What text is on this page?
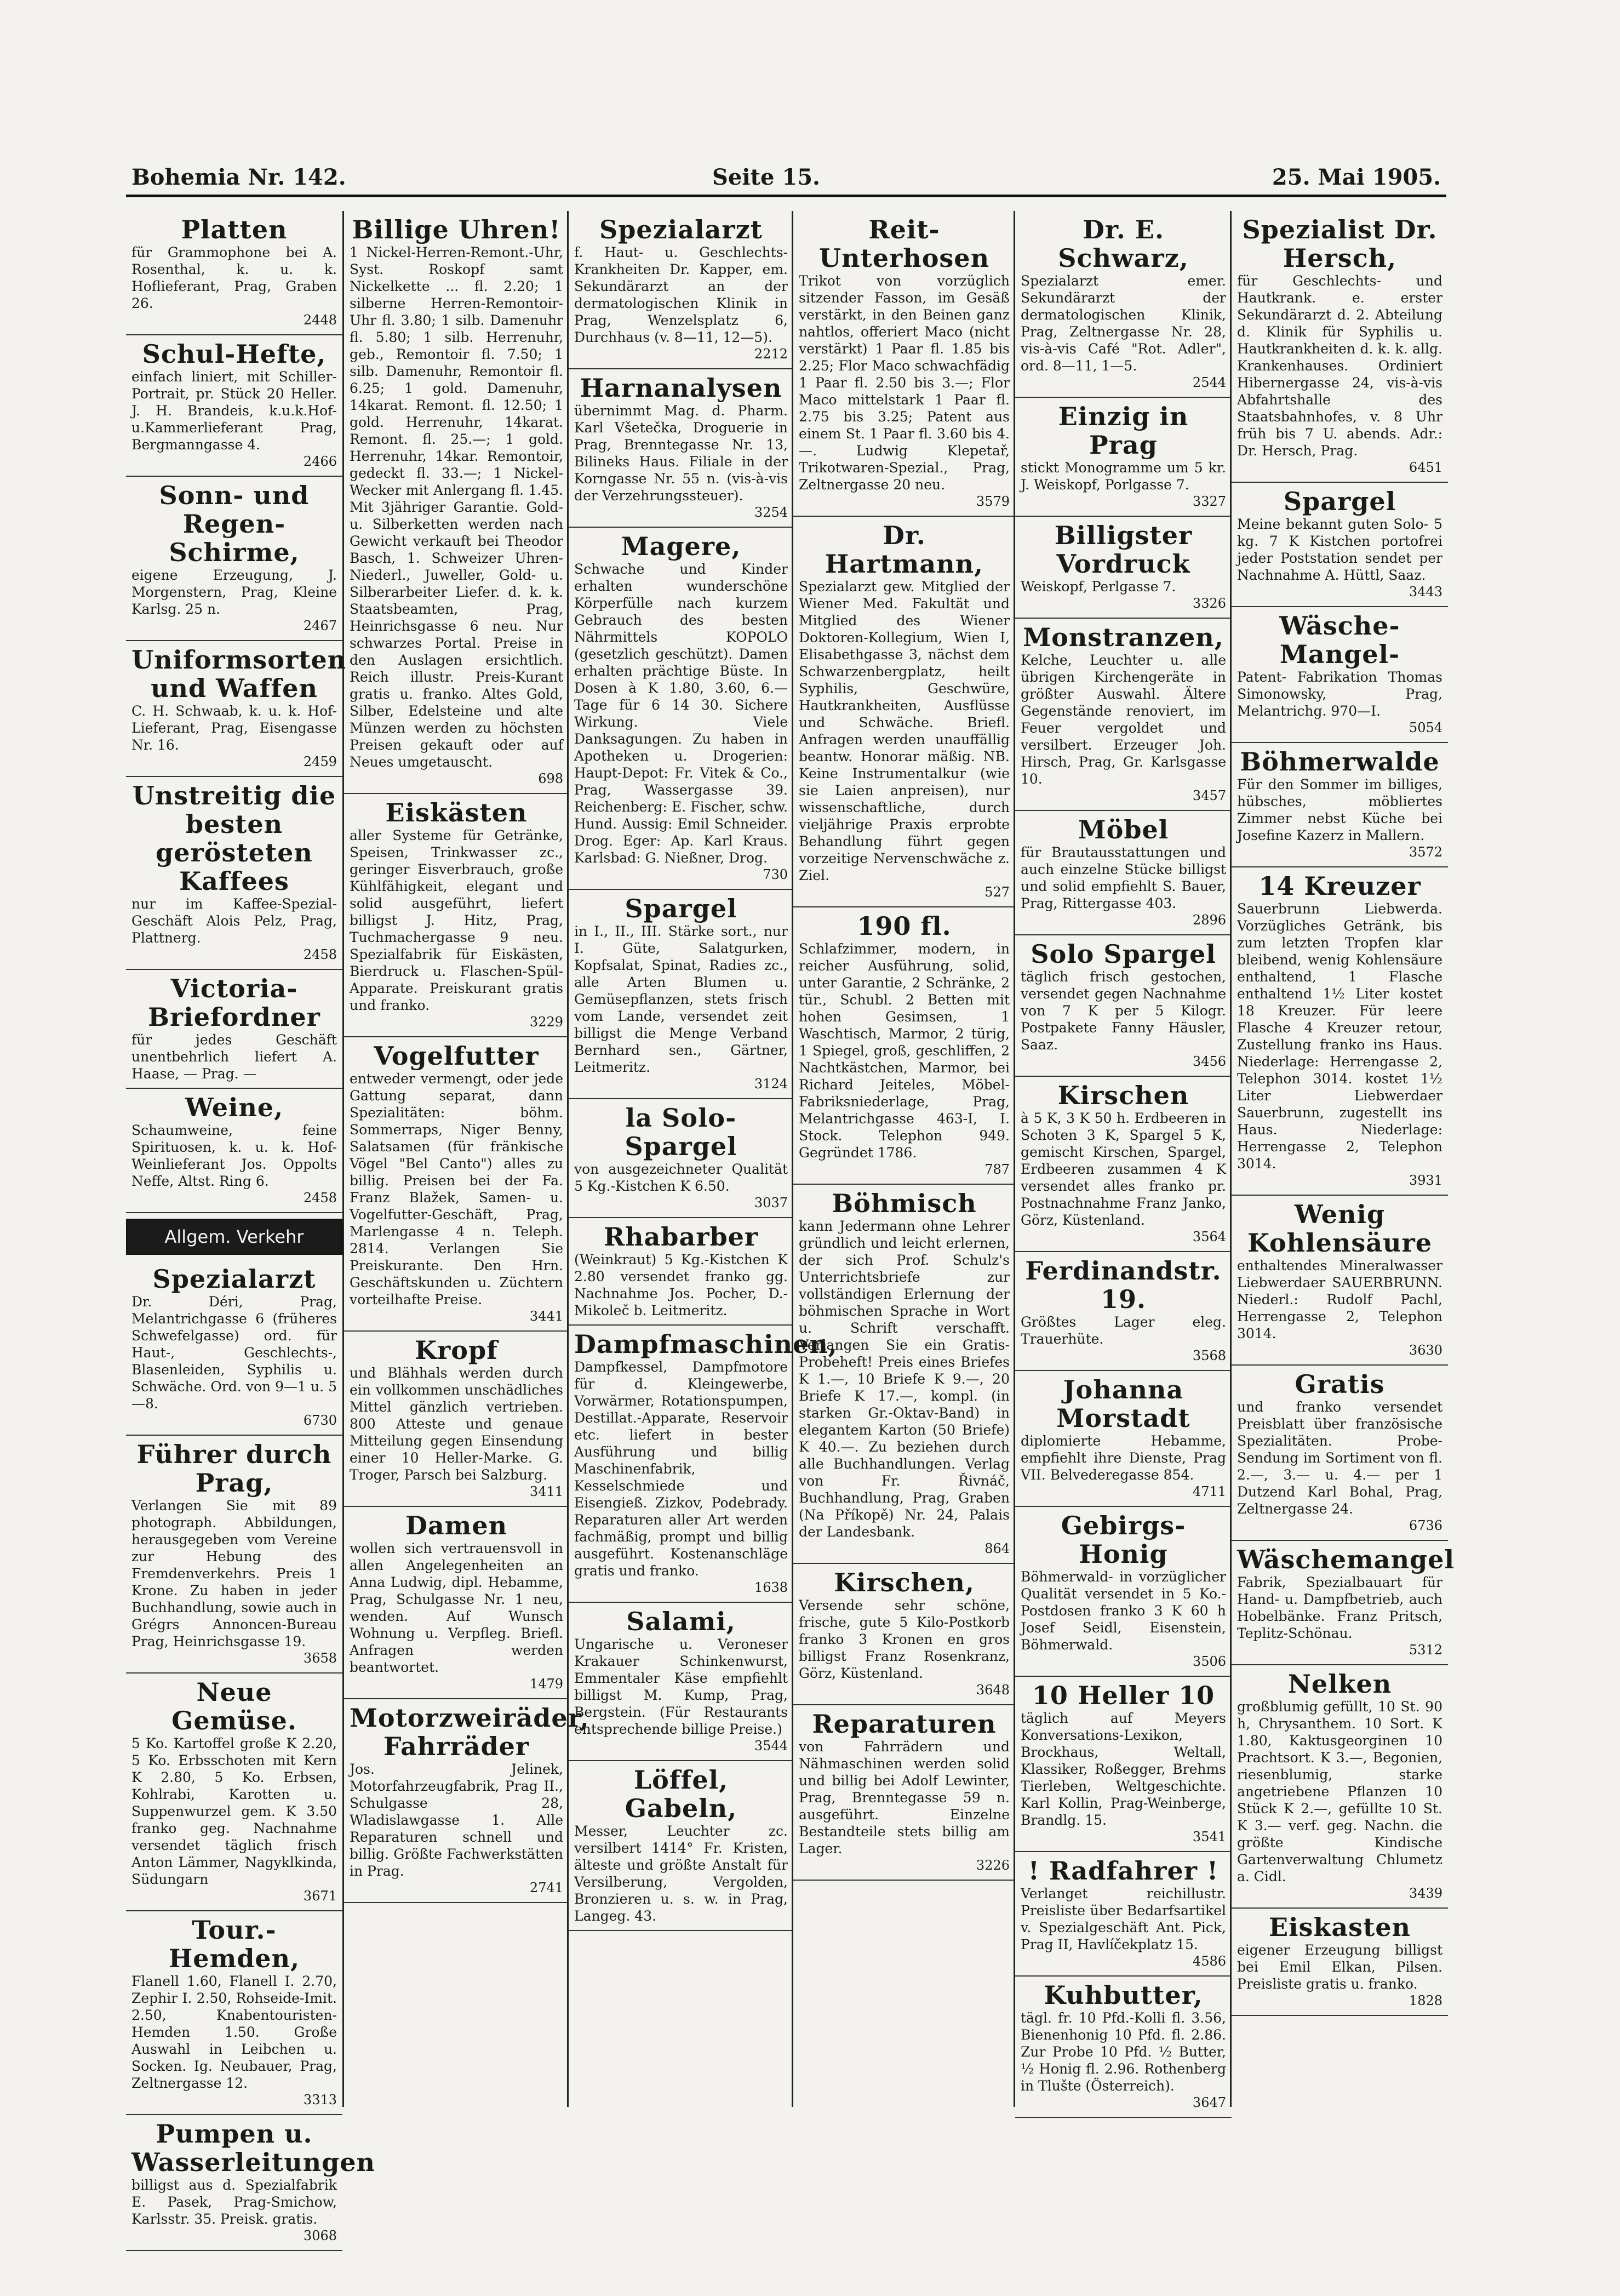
Bohemia Nr. 142.	Seite 15.	25. Mai 1905.
Platten
für Grammophone bei A. Rosenthal, k. u. k. Hoflieferant, Prag, Graben 26.
2448
Schul-Hefte,
einfach liniert, mit Schiller-Portrait, pr. Stück 20 Heller. J. H. Brandeis, k.u.k.Hof-u.Kammerlieferant Prag, Bergmanngasse 4.
2466
Sonn- und Regen-Schirme,
eigene Erzeugung, J. Morgenstern, Prag, Kleine Karlsg. 25 n.
2467
Uniformsorten und Waffen
C. H. Schwaab, k. u. k. Hof-Lieferant, Prag, Eisengasse Nr. 16.
2459
Unstreitig die besten gerösteten Kaffees
nur im Kaffee-Spezial-Geschäft Alois Pelz, Prag, Plattnerg.
2458
Victoria-Briefordner
für jedes Geschäft unentbehrlich liefert A. Haase, — Prag. —
Weine,
Schaumweine, feine Spirituosen, k. u. k. Hof-Weinlieferant Jos. Oppolts Neffe, Altst. Ring 6.
2458
Allgem. Verkehr
Spezialarzt
Dr. Déri, Prag, Melantrichgasse 6 (früheres Schwefelgasse) ord. für Haut-, Geschlechts-, Blasenleiden, Syphilis u. Schwäche. Ord. von 9—1 u. 5—8.
6730
Führer durch Prag,
Verlangen Sie mit 89 photograph. Abbildungen, herausgegeben vom Vereine zur Hebung des Fremdenverkehrs. Preis 1 Krone. Zu haben in jeder Buchhandlung, sowie auch in Grégrs Annoncen-Bureau Prag, Heinrichsgasse 19.
3658
Neue Gemüse.
5 Ko. Kartoffel große K 2.20, 5 Ko. Erbsschoten mit Kern K 2.80, 5 Ko. Erbsen, Kohlrabi, Karotten u. Suppenwurzel gem. K 3.50 franko geg. Nachnahme versendet täglich frisch Anton Lämmer, Nagyklkinda, Südungarn
3671
Tour.-Hemden,
Flanell 1.60, Flanell I. 2.70, Zephir I. 2.50, Rohseide-Imit. 2.50, Knabentouristen-Hemden 1.50. Große Auswahl in Leibchen u. Socken. Ig. Neubauer, Prag, Zeltnergasse 12.
3313
Pumpen u. Wasserleitungen
billigst aus d. Spezialfabrik E. Pasek, Prag-Smichow, Karlsstr. 35. Preisk. gratis.
3068
Billige Uhren!
1 Nickel-Herren-Remont.-Uhr, Syst. Roskopf samt Nickelkette ... fl. 2.20; 1 silberne Herren-Remontoir-Uhr fl. 3.80; 1 silb. Damenuhr fl. 5.80; 1 silb. Herrenuhr, geb., Remontoir fl. 7.50; 1 silb. Damenuhr, Remontoir fl. 6.25; 1 gold. Damenuhr, 14karat. Remont. fl. 12.50; 1 gold. Herrenuhr, 14karat. Remont. fl. 25.—; 1 gold. Herrenuhr, 14kar. Remontoir, gedeckt fl. 33.—; 1 Nickel-Wecker mit Anlergang fl. 1.45. Mit 3jähriger Garantie. Gold- u. Silberketten werden nach Gewicht verkauft bei Theodor Basch, 1. Schweizer Uhren-Niederl., Juweller, Gold- u. Silberarbeiter Liefer. d. k. k. Staatsbeamten, Prag, Heinrichsgasse 6 neu. Nur schwarzes Portal. Preise in den Auslagen ersichtlich. Reich illustr. Preis-Kurant gratis u. franko. Altes Gold, Silber, Edelsteine und alte Münzen werden zu höchsten Preisen gekauft oder auf Neues umgetauscht.
698
Eiskästen
aller Systeme für Getränke, Speisen, Trinkwasser zc., geringer Eisverbrauch, große Kühlfähigkeit, elegant und solid ausgeführt, liefert billigst J. Hitz, Prag, Tuchmachergasse 9 neu. Spezialfabrik für Eiskästen, Bierdruck u. Flaschen-Spül-Apparate. Preiskurant gratis und franko.
3229
Vogelfutter
entweder vermengt, oder jede Gattung separat, dann Spezialitäten: böhm. Sommerraps, Niger Benny, Salatsamen (für fränkische Vögel "Bel Canto") alles zu billig. Preisen bei der Fa. Franz Blažek, Samen- u. Vogelfutter-Geschäft, Prag, Marlengasse 4 n. Teleph. 2814. Verlangen Sie Preiskurante. Den Hrn. Geschäftskunden u. Züchtern vorteilhafte Preise.
3441
Kropf
und Blähhals werden durch ein vollkommen unschädliches Mittel gänzlich vertrieben. 800 Atteste und genaue Mitteilung gegen Einsendung einer 10 Heller-Marke. G. Troger, Parsch bei Salzburg.
3411
Damen
wollen sich vertrauensvoll in allen Angelegenheiten an Anna Ludwig, dipl. Hebamme, Prag, Schulgasse Nr. 1 neu, wenden. Auf Wunsch Wohnung u. Verpfleg. Briefl. Anfragen werden beantwortet.
1479
Motorzweiräder, Fahrräder
Jos. Jelinek, Motorfahrzeugfabrik, Prag II., Schulgasse 28, Wladislawgasse 1. Alle Reparaturen schnell und billig. Größte Fachwerkstätten in Prag.
2741
Spezialarzt
f. Haut- u. Geschlechts-Krankheiten Dr. Kapper, em. Sekundärarzt an der dermatologischen Klinik in Prag, Wenzelsplatz 6, Durchhaus (v. 8—11, 12—5).
2212
Harnanalysen
übernimmt Mag. d. Pharm. Karl Všetečka, Droguerie in Prag, Brenntegasse Nr. 13, Bilineks Haus. Filiale in der Korngasse Nr. 55 n. (vis-à-vis der Verzehrungssteuer).
3254
Magere,
Schwache und Kinder erhalten wunderschöne Körperfülle nach kurzem Gebrauch des besten Nährmittels KOPOLO (gesetzlich geschützt). Damen erhalten prächtige Büste. In Dosen à K 1.80, 3.60, 6.— Tage für 6 14 30. Sichere Wirkung. Viele Danksagungen. Zu haben in Apotheken u. Drogerien: Haupt-Depot: Fr. Vitek & Co., Prag, Wassergasse 39. Reichenberg: E. Fischer, schw. Hund. Aussig: Emil Schneider. Drog. Eger: Ap. Karl Kraus. Karlsbad: G. Nießner, Drog.
730
Spargel
in I., II., III. Stärke sort., nur I. Güte, Salatgurken, Kopfsalat, Spinat, Radies zc., alle Arten Blumen u. Gemüsepflanzen, stets frisch vom Lande, versendet zeit billigst die Menge Verband Bernhard sen., Gärtner, Leitmeritz.
3124
la Solo-Spargel
von ausgezeichneter Qualität 5 Kg.-Kistchen K 6.50.
3037
Rhabarber
(Weinkraut) 5 Kg.-Kistchen K 2.80 versendet franko gg. Nachnahme Jos. Pocher, D.-Mikoleč b. Leitmeritz.
Dampfmaschinen,
Dampfkessel, Dampfmotore für d. Kleingewerbe, Vorwärmer, Rotationspumpen, Destillat.-Apparate, Reservoir etc. liefert in bester Ausführung und billig Maschinenfabrik, Kesselschmiede und Eisengieß. Zizkov, Podebrady. Reparaturen aller Art werden fachmäßig, prompt und billig ausgeführt. Kostenanschläge gratis und franko.
1638
Salami,
Ungarische u. Veroneser Krakauer Schinkenwurst, Emmentaler Käse empfiehlt billigst M. Kump, Prag, Bergstein. (Für Restaurants entsprechende billige Preise.)
3544
Löffel, Gabeln,
Messer, Leuchter zc. versilbert 1414° Fr. Kristen, älteste und größte Anstalt für Versilberung, Vergolden, Bronzieren u. s. w. in Prag, Langeg. 43.
Reit-Unterhosen
Trikot von vorzüglich sitzender Fasson, im Gesäß verstärkt, in den Beinen ganz nahtlos, offeriert Maco (nicht verstärkt) 1 Paar fl. 1.85 bis 2.25; Flor Maco schwachfädig 1 Paar fl. 2.50 bis 3.—; Flor Maco mittelstark 1 Paar fl. 2.75 bis 3.25; Patent aus einem St. 1 Paar fl. 3.60 bis 4.—. Ludwig Klepetař, Trikotwaren-Spezial., Prag, Zeltnergasse 20 neu.
3579
Dr. Hartmann,
Spezialarzt gew. Mitglied der Wiener Med. Fakultät und Mitglied des Wiener Doktoren-Kollegium, Wien I, Elisabethgasse 3, nächst dem Schwarzenbergplatz, heilt Syphilis, Geschwüre, Hautkrankheiten, Ausflüsse und Schwäche. Briefl. Anfragen werden unauffällig beantw. Honorar mäßig. NB. Keine Instrumentalkur (wie sie Laien anpreisen), nur wissenschaftliche, durch vieljährige Praxis erprobte Behandlung führt gegen vorzeitige Nervenschwäche z. Ziel.
527
190 fl.
Schlafzimmer, modern, in reicher Ausführung, solid, unter Garantie, 2 Schränke, 2 tür., Schubl. 2 Betten mit hohen Gesimsen, 1 Waschtisch, Marmor, 2 türig, 1 Spiegel, groß, geschliffen, 2 Nachtkästchen, Marmor, bei Richard Jeiteles, Möbel-Fabriksniederlage, Prag, Melantrichgasse 463-I, I. Stock. Telephon 949. Gegründet 1786.
787
Böhmisch
kann Jedermann ohne Lehrer gründlich und leicht erlernen, der sich Prof. Schulz's Unterrichtsbriefe zur vollständigen Erlernung der böhmischen Sprache in Wort u. Schrift verschafft. Verlangen Sie ein Gratis-Probeheft! Preis eines Briefes K 1.—, 10 Briefe K 9.—, 20 Briefe K 17.—, kompl. (in starken Gr.-Oktav-Band) in elegantem Karton (50 Briefe) K 40.—. Zu beziehen durch alle Buchhandlungen. Verlag von Fr. Řivnáč, Buchhandlung, Prag, Graben (Na Příkopě) Nr. 24, Palais der Landesbank.
864
Kirschen,
Versende sehr schöne, frische, gute 5 Kilo-Postkorb franko 3 Kronen en gros billigst Franz Rosenkranz, Görz, Küstenland.
3648
Reparaturen
von Fahrrädern und Nähmaschinen werden solid und billig bei Adolf Lewinter, Prag, Brenntegasse 59 n. ausgeführt. Einzelne Bestandteile stets billig am Lager.
3226
Dr. E. Schwarz,
Spezialarzt emer. Sekundärarzt der dermatologischen Klinik, Prag, Zeltnergasse Nr. 28, vis-à-vis Café "Rot. Adler", ord. 8—11, 1—5.
2544
Einzig in Prag
stickt Monogramme um 5 kr. J. Weiskopf, Porlgasse 7.
3327
Billigster Vordruck
Weiskopf, Perlgasse 7.
3326
Monstranzen,
Kelche, Leuchter u. alle übrigen Kirchengeräte in größter Auswahl. Ältere Gegenstände renoviert, im Feuer vergoldet und versilbert. Erzeuger Joh. Hirsch, Prag, Gr. Karlsgasse 10.
3457
Möbel
für Brautausstattungen und auch einzelne Stücke billigst und solid empfiehlt S. Bauer, Prag, Rittergasse 403.
2896
Solo Spargel
täglich frisch gestochen, versendet gegen Nachnahme von 7 K per 5 Kilogr. Postpakete Fanny Häusler, Saaz.
3456
Kirschen
à 5 K, 3 K 50 h. Erdbeeren in Schoten 3 K, Spargel 5 K, gemischt Kirschen, Spargel, Erdbeeren zusammen 4 K versendet alles franko pr. Postnachnahme Franz Janko, Görz, Küstenland.
3564
Ferdinandstr. 19.
Größtes Lager eleg. Trauerhüte.
3568
Johanna Morstadt
diplomierte Hebamme, empfiehlt ihre Dienste, Prag VII. Belvederegasse 854.
4711
Gebirgs-Honig
Böhmerwald- in vorzüglicher Qualität versendet in 5 Ko.-Postdosen franko 3 K 60 h Josef Seidl, Eisenstein, Böhmerwald.
3506
10 Heller 10
täglich auf Meyers Konversations-Lexikon, Brockhaus, Weltall, Klassiker, Roßegger, Brehms Tierleben, Weltgeschichte. Karl Kollin, Prag-Weinberge, Brandlg. 15.
3541
! Radfahrer !
Verlanget reichillustr. Preisliste über Bedarfsartikel v. Spezialgeschäft Ant. Pick, Prag II, Havlíčekplatz 15.
4586
Kuhbutter,
tägl. fr. 10 Pfd.-Kolli fl. 3.56, Bienenhonig 10 Pfd. fl. 2.86. Zur Probe 10 Pfd. ½ Butter, ½ Honig fl. 2.96. Rothenberg in Tlušte (Österreich).
3647
Spezialist Dr. Hersch,
für Geschlechts- und Hautkrank. e. erster Sekundärarzt d. 2. Abteilung d. Klinik für Syphilis u. Hautkrankheiten d. k. k. allg. Krankenhauses. Ordiniert Hibernergasse 24, vis-à-vis Abfahrtshalle des Staatsbahnhofes, v. 8 Uhr früh bis 7 U. abends. Adr.: Dr. Hersch, Prag.
6451
Spargel
Meine bekannt guten Solo- 5 kg. 7 K Kistchen portofrei jeder Poststation sendet per Nachnahme A. Hüttl, Saaz.
3443
Wäsche-Mangel-
Patent- Fabrikation Thomas Simonowsky, Prag, Melantrichg. 970—I.
5054
Böhmerwalde
Für den Sommer im billiges, hübsches, möbliertes Zimmer nebst Küche bei Josefine Kazerz in Mallern.
3572
14 Kreuzer
Sauerbrunn Liebwerda. Vorzügliches Getränk, bis zum letzten Tropfen klar bleibend, wenig Kohlensäure enthaltend, 1 Flasche enthaltend 1½ Liter kostet 18 Kreuzer. Für leere Flasche 4 Kreuzer retour, Zustellung franko ins Haus. Niederlage: Herrengasse 2, Telephon 3014. kostet 1½ Liter Liebwerdaer Sauerbrunn, zugestellt ins Haus. Niederlage: Herrengasse 2, Telephon 3014.
3931
Wenig Kohlensäure
enthaltendes Mineralwasser Liebwerdaer SAUERBRUNN. Niederl.: Rudolf Pachl, Herrengasse 2, Telephon 3014.
3630
Gratis
und franko versendet Preisblatt über französische Spezialitäten. Probe-Sendung im Sortiment von fl. 2.—, 3.— u. 4.— per 1 Dutzend Karl Bohal, Prag, Zeltnergasse 24.
6736
Wäschemangel
Fabrik, Spezialbauart für Hand- u. Dampfbetrieb, auch Hobelbänke. Franz Pritsch, Teplitz-Schönau.
5312
Nelken
großblumig gefüllt, 10 St. 90 h, Chrysanthem. 10 Sort. K 1.80, Kaktusgeorginen 10 Prachtsort. K 3.—, Begonien, riesenblumig, starke angetriebene Pflanzen 10 Stück K 2.—, gefüllte 10 St. K 3.— verf. geg. Nachn. die größte Kindische Gartenverwaltung Chlumetz a. Cidl.
3439
Eiskasten
eigener Erzeugung billigst bei Emil Elkan, Pilsen. Preisliste gratis u. franko.
1828
